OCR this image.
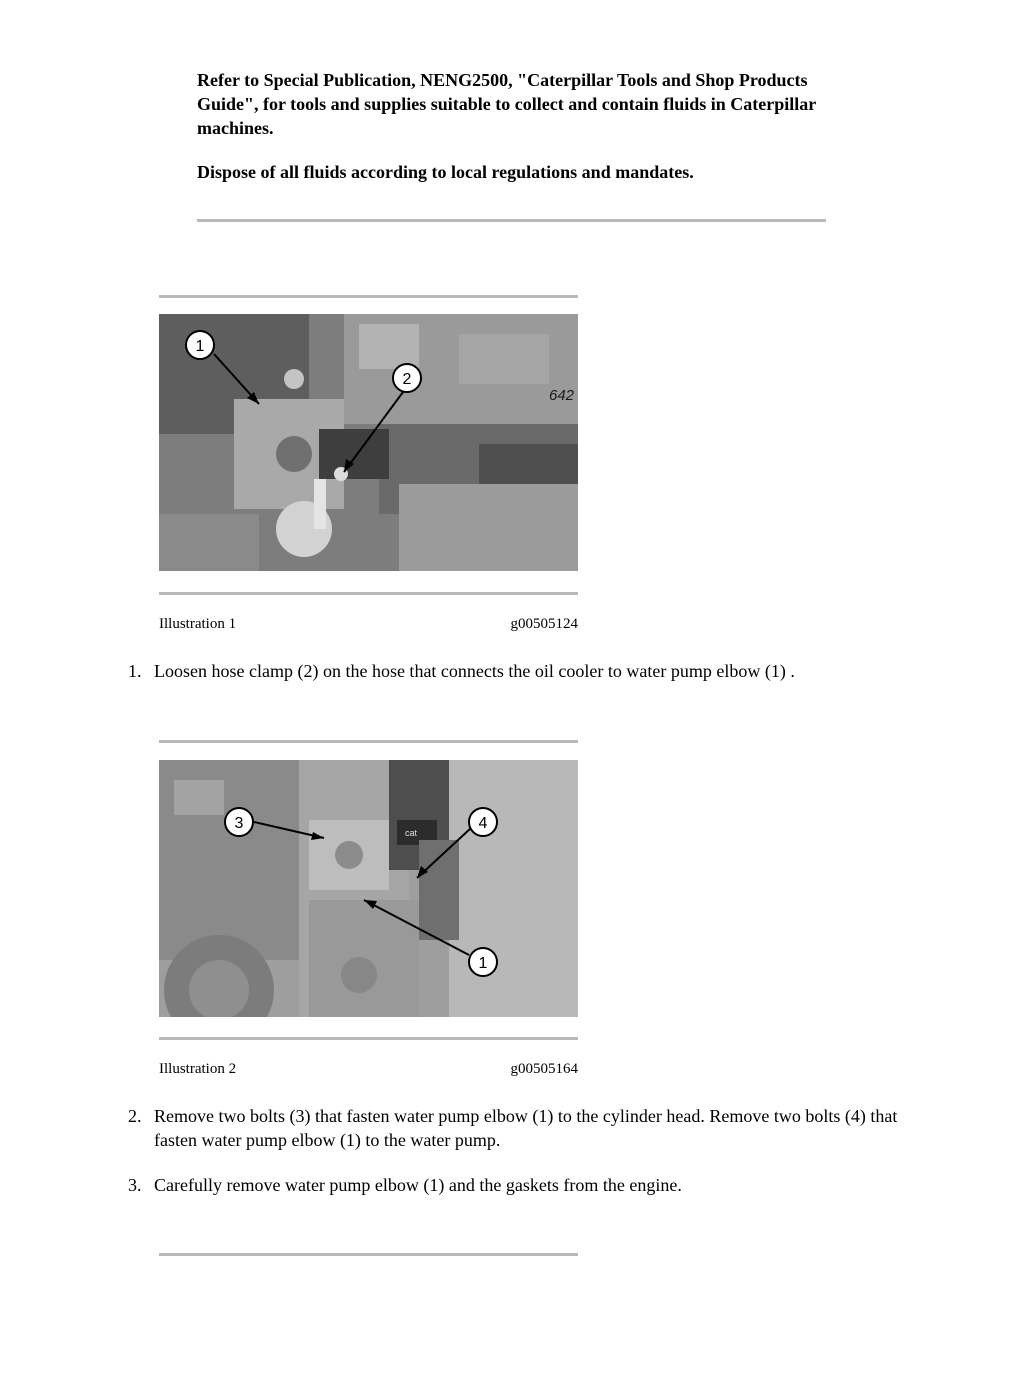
Refer to Special Publication, NENG2500, "Caterpillar Tools and Shop Products Guide", for tools and supplies suitable to collect and contain fluids in Caterpillar machines.

Dispose of all fluids according to local regulations and mandates.

1
2
642
Illustration 1	g00505124
1. Loosen hose clamp (2) on the hose that connects the oil cooler to water pump elbow (1) .
3	4
1
cat
Illustration 2	g00505164
2. Remove two bolts (3) that fasten water pump elbow (1) to the cylinder head. Remove two bolts (4) that fasten water pump elbow (1) to the water pump.
3. Carefully remove water pump elbow (1) and the gaskets from the engine.
